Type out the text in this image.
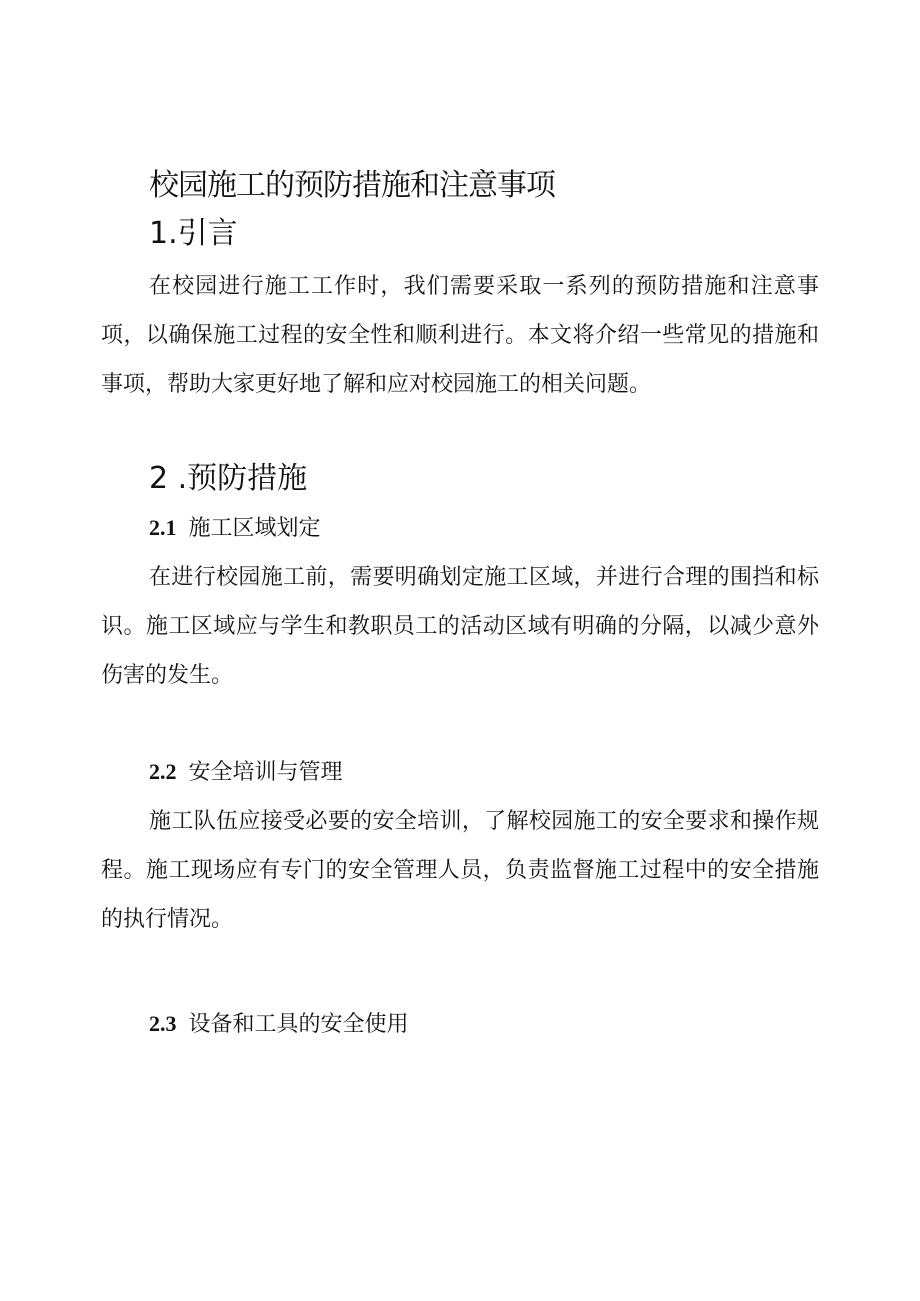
校园施工的预防措施和注意事项
1.引言

在校园进行施工工作时，我们需要采取一系列的预防措施和注意事项，以确保施工过程的安全性和顺利进行。本文将介绍一些常见的措施和事项，帮助大家更好地了解和应对校园施工的相关问题。

2 .预防措施
2.1 施工区域划定

在进行校园施工前，需要明确划定施工区域，并进行合理的围挡和标识。施工区域应与学生和教职员工的活动区域有明确的分隔，以减少意外伤害的发生。

2.2 安全培训与管理

施工队伍应接受必要的安全培训，了解校园施工的安全要求和操作规程。施工现场应有专门的安全管理人员，负责监督施工过程中的安全措施的执行情况。

2.3 设备和工具的安全使用
